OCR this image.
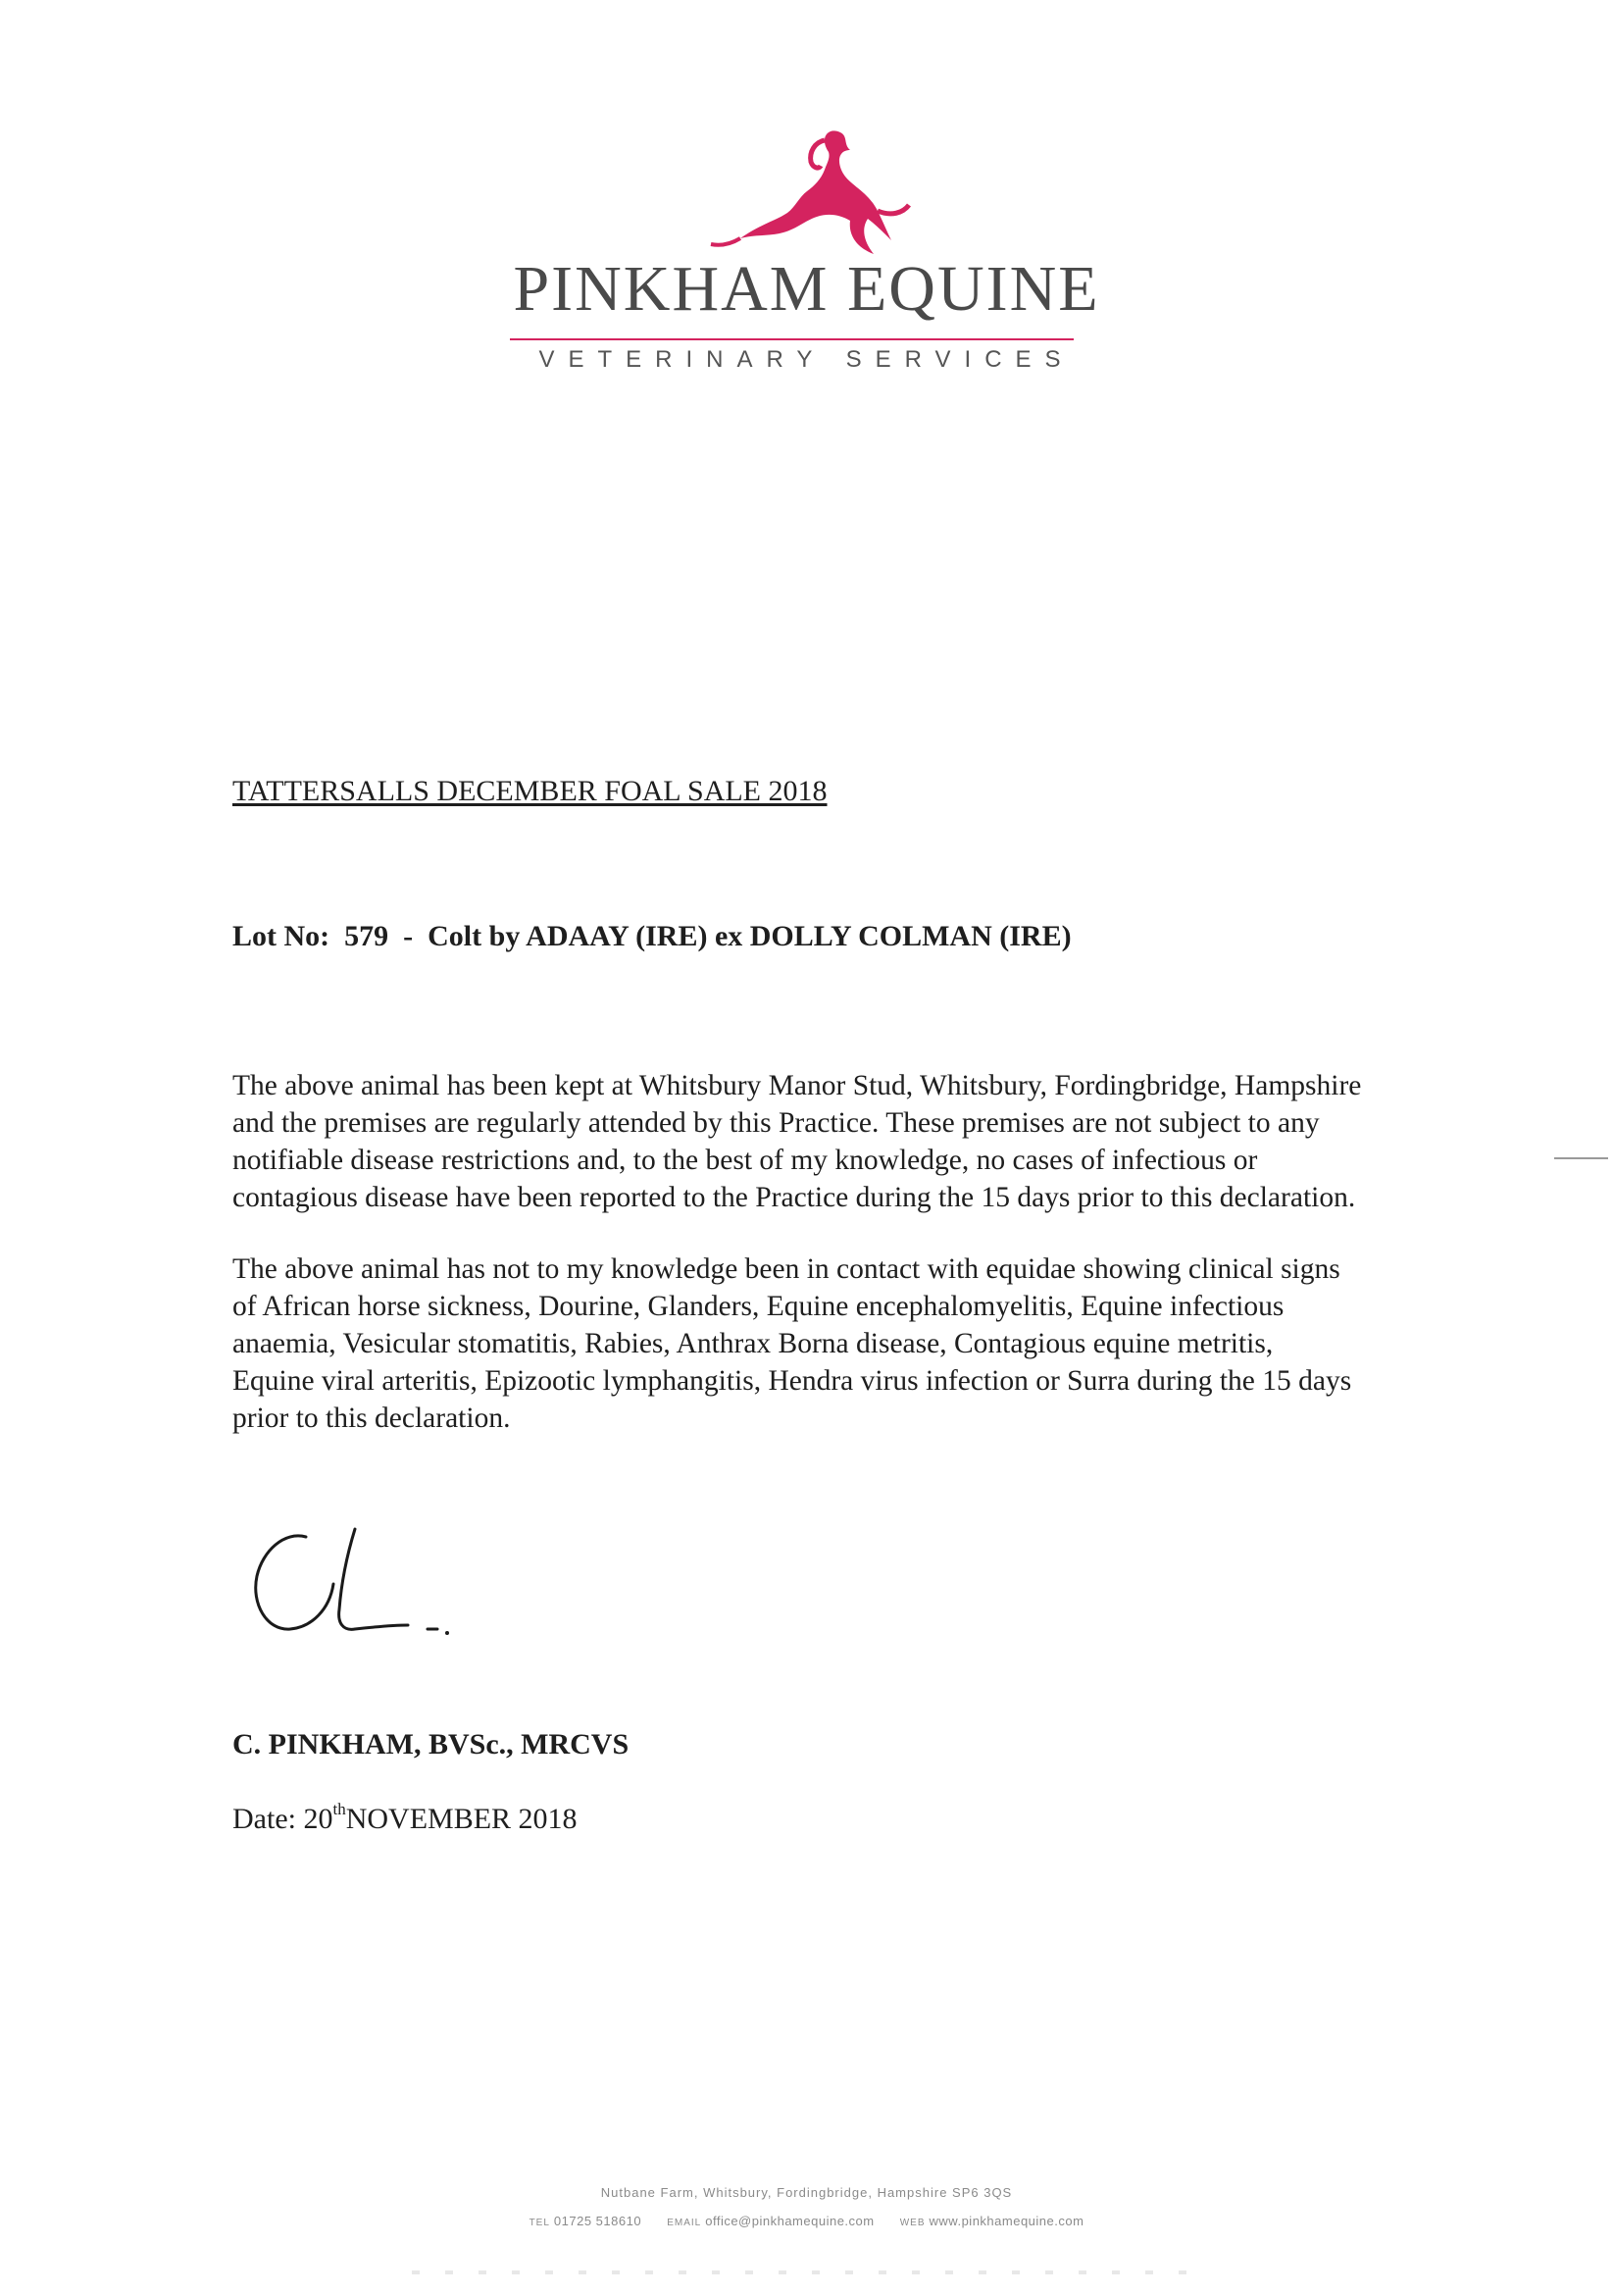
PINKHAM EQUINE
VETERINARY SERVICES
TATTERSALLS DECEMBER FOAL SALE 2018
Lot No:  579  -  Colt by ADAAY (IRE) ex DOLLY COLMAN (IRE)

The above animal has been kept at Whitsbury Manor Stud, Whitsbury, Fordingbridge, Hampshire
and the premises are regularly attended by this Practice. These premises are not subject to any
notifiable disease restrictions and, to the best of my knowledge, no cases of infectious or
contagious disease have been reported to the Practice during the 15 days prior to this declaration.

The above animal has not to my knowledge been in contact with equidae showing clinical signs
of African horse sickness, Dourine, Glanders, Equine encephalomyelitis, Equine infectious
anaemia, Vesicular stomatitis, Rabies, Anthrax Borna disease, Contagious equine metritis,
Equine viral arteritis, Epizootic lymphangitis, Hendra virus infection or Surra during the 15 days
prior to this declaration.

C. PINKHAM, BVSc., MRCVS
Date: 20thNOVEMBER 2018
Nutbane Farm, Whitsbury, Fordingbridge, Hampshire SP6 3QS
TEL 01725 518610	EMAIL office@pinkhamequine.com	WEB www.pinkhamequine.com
